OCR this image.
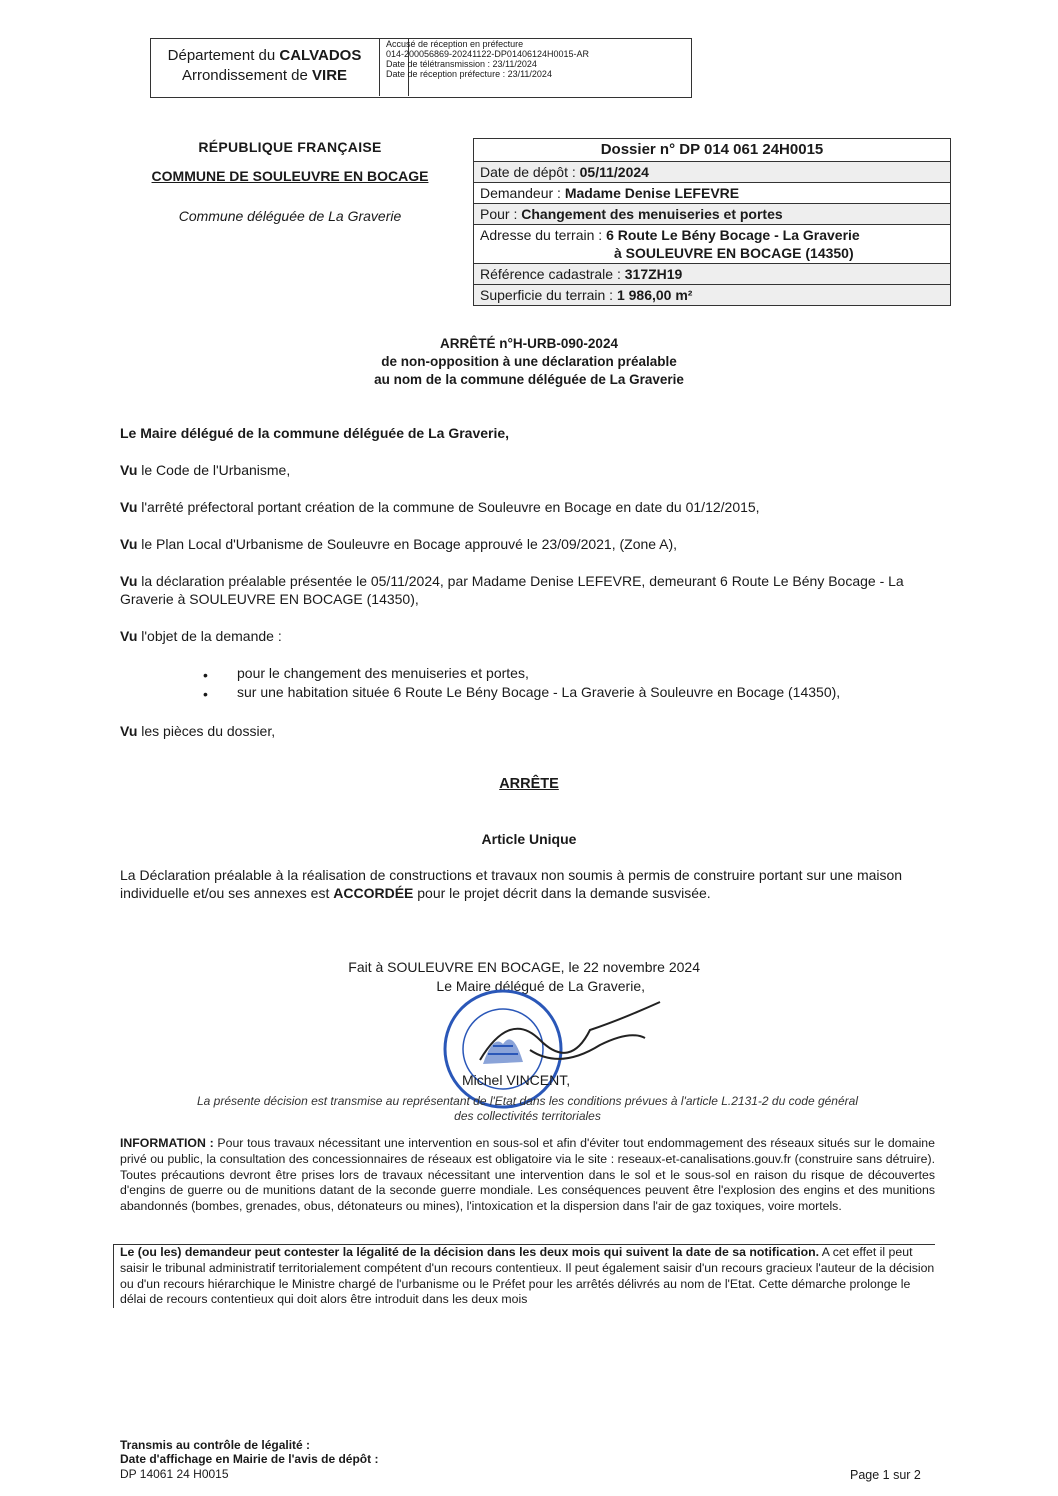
Département du CALVADOS
Arrondissement de VIRE
Accusé de réception en préfecture
014-200056869-20241122-DP01406124H0015-AR
Date de télétransmission : 23/11/2024
Date de réception préfecture : 23/11/2024
RÉPUBLIQUE FRANÇAISE
COMMUNE DE SOULEUVRE EN BOCAGE
Commune déléguée de La Graverie
Dossier n° DP 014 061 24H0015
Date de dépôt : 05/11/2024
Demandeur : Madame Denise LEFEVRE
Pour : Changement des menuiseries et portes
Adresse du terrain : 6 Route Le Bény Bocage - La Graverie
à SOULEUVRE EN BOCAGE (14350)
Référence cadastrale : 317ZH19
Superficie du terrain : 1 986,00 m²
ARRÊTÉ n°H-URB-090-2024
de non-opposition à une déclaration préalable
au nom de la commune déléguée de La Graverie
Le Maire délégué de la commune déléguée de La Graverie,
Vu le Code de l'Urbanisme,
Vu l'arrêté préfectoral portant création de la commune de Souleuvre en Bocage en date du 01/12/2015,
Vu le Plan Local d'Urbanisme de Souleuvre en Bocage approuvé le 23/09/2021, (Zone A),
Vu la déclaration préalable présentée le 05/11/2024, par Madame Denise LEFEVRE, demeurant 6 Route Le Bény Bocage - La Graverie à SOULEUVRE EN BOCAGE (14350),
Vu l'objet de la demande :
• pour le changement des menuiseries et portes,
• sur une habitation située 6 Route Le Bény Bocage - La Graverie à Souleuvre en Bocage (14350),
Vu les pièces du dossier,
ARRÊTE
Article Unique
La Déclaration préalable à la réalisation de constructions et travaux non soumis à permis de construire portant sur une maison individuelle et/ou ses annexes est ACCORDÉE pour le projet décrit dans la demande susvisée.
Fait à SOULEUVRE EN BOCAGE, le 22 novembre 2024
Le Maire délégué de La Graverie,
Michel VINCENT,
La présente décision est transmise au représentant de l'Etat dans les conditions prévues à l'article L.2131-2 du code général
des collectivités territoriales
INFORMATION : Pour tous travaux nécessitant une intervention en sous-sol et afin d'éviter tout endommagement des réseaux situés sur le domaine privé ou public, la consultation des concessionnaires de réseaux est obligatoire via le site : reseaux-et-canalisations.gouv.fr (construire sans détruire). Toutes précautions devront être prises lors de travaux nécessitant une intervention dans le sol et le sous-sol en raison du risque de découvertes d'engins de guerre ou de munitions datant de la seconde guerre mondiale. Les conséquences peuvent être l'explosion des engins et des munitions abandonnés (bombes, grenades, obus, détonateurs ou mines), l'intoxication et la dispersion dans l'air de gaz toxiques, voire mortels.
Le (ou les) demandeur peut contester la légalité de la décision dans les deux mois qui suivent la date de sa notification. A cet effet il peut saisir le tribunal administratif territorialement compétent d'un recours contentieux. Il peut également saisir d'un recours gracieux l'auteur de la décision ou d'un recours hiérarchique le Ministre chargé de l'urbanisme ou le Préfet pour les arrêtés délivrés au nom de l'Etat. Cette démarche prolonge le délai de recours contentieux qui doit alors être introduit dans les deux mois
Transmis au contrôle de légalité :
Date d'affichage en Mairie de l'avis de dépôt :
DP 14061 24 H0015	Page 1 sur 2
